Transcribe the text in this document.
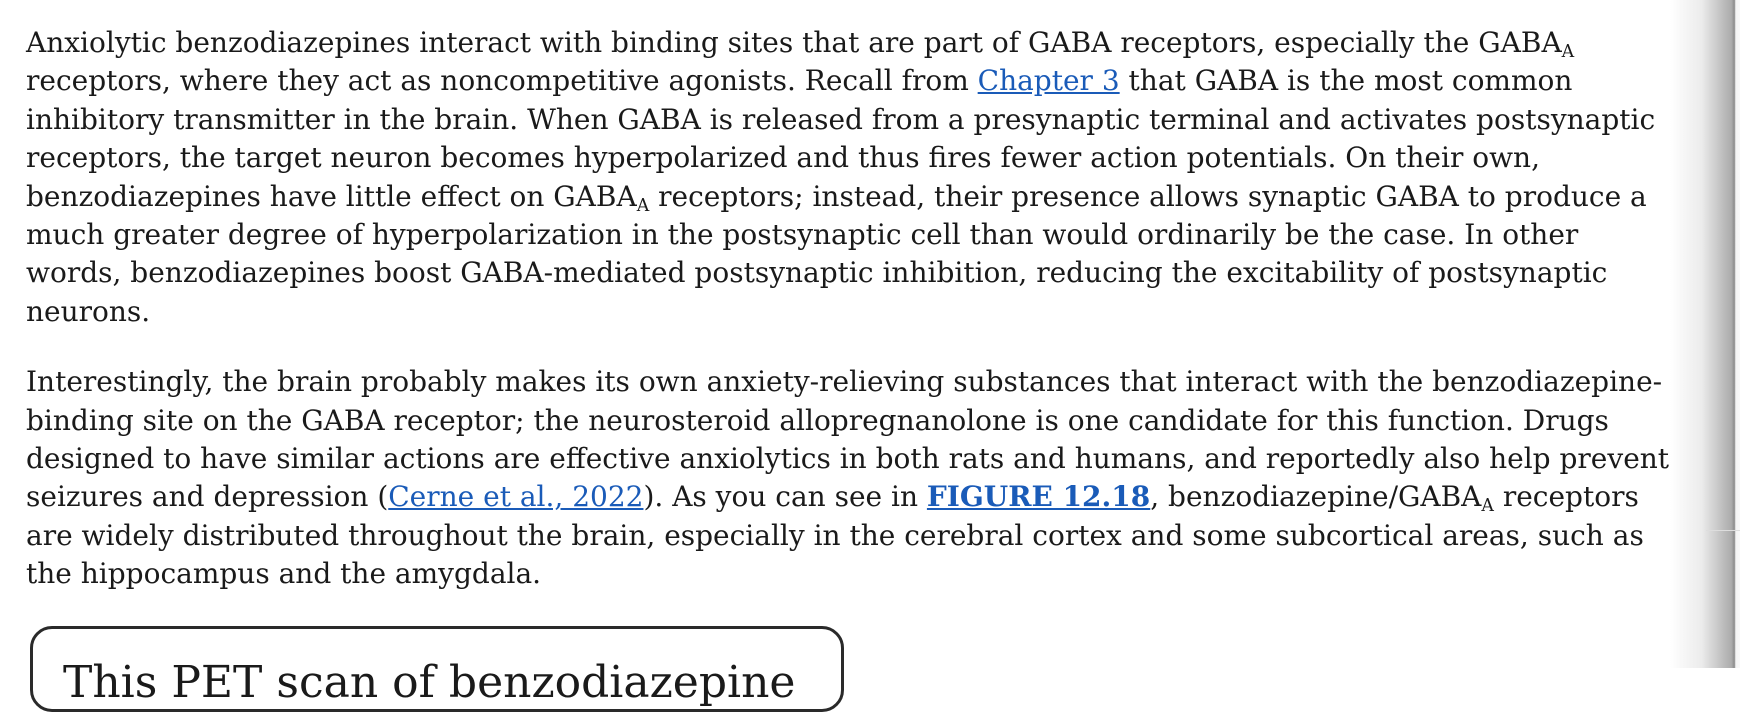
Anxiolytic benzodiazepines interact with binding sites that are part of GABA receptors, especially the $GABA_A$ receptors, where they act as noncompetitive agonists. Recall from Chapter 3 that GABA is the most common inhibitory transmitter in the brain. When GABA is released from a presynaptic terminal and activates postsynaptic receptors, the target neuron becomes hyperpolarized and thus fires fewer action potentials. On their own, benzodiazepines have little effect on $GABA_A$ receptors; instead, their presence allows synaptic GABA to produce a much greater degree of hyperpolarization in the postsynaptic cell than would ordinarily be the case. In other words, benzodiazepines boost GABA-mediated postsynaptic inhibition, reducing the excitability of postsynaptic neurons.

Interestingly, the brain probably makes its own anxiety-relieving substances that interact with the benzodiazepine-binding site on the GABA receptor; the neurosteroid allopregnanolone is one candidate for this function. Drugs designed to have similar actions are effective anxiolytics in both rats and humans, and reportedly also help prevent seizures and depression (Cerne et al., 2022). As you can see in FIGURE 12.18, benzodiazepine/$GABA_A$ receptors are widely distributed throughout the brain, especially in the cerebral cortex and some subcortical areas, such as the hippocampus and the amygdala.

This PET scan of benzodiazepine
